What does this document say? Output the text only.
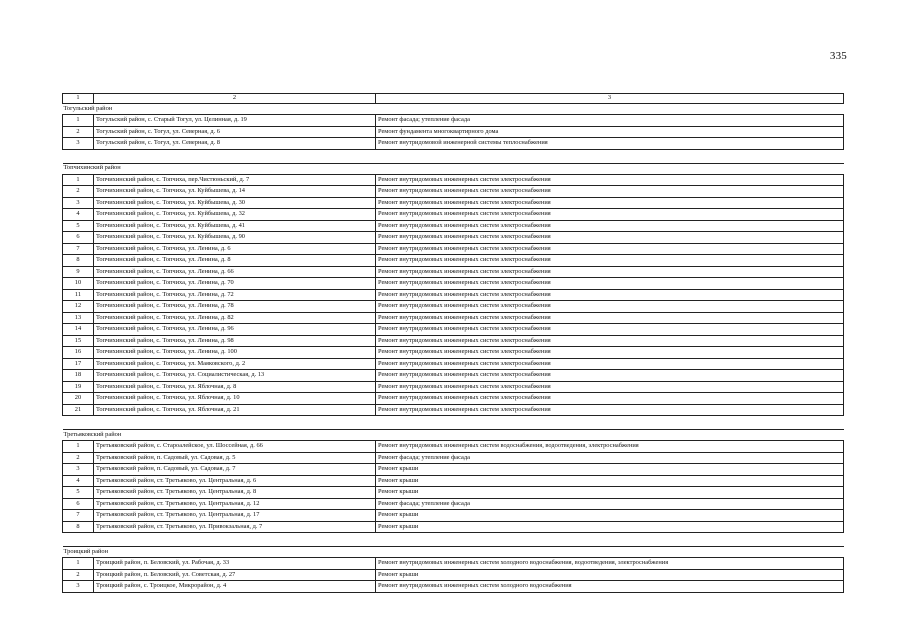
335
1	2	3
Тогульский район		
1	Тогульский район, с. Старый Тогул, ул. Целинная, д. 19	Ремонт фасада; утепление фасада
2	Тогульский район, с. Тогул, ул. Северная, д. 6	Ремонт фундамента многоквартирного дома
3	Тогульский район, с. Тогул, ул. Северная, д. 8	Ремонт внутридомовой инженерной системы теплоснабжения

Топчихинский район		
1	Топчихинский район, с. Топчиха, пер.Чистюньский, д. 7	Ремонт внутридомовых инженерных систем электроснабжения
2	Топчихинский район, с. Топчиха, ул. Куйбышева, д. 14	Ремонт внутридомовых инженерных систем электроснабжения
3	Топчихинский район, с. Топчиха, ул. Куйбышева, д. 30	Ремонт внутридомовых инженерных систем электроснабжения
4	Топчихинский район, с. Топчиха, ул. Куйбышева, д. 32	Ремонт внутридомовых инженерных систем электроснабжения
5	Топчихинский район, с. Топчиха, ул. Куйбышева, д. 41	Ремонт внутридомовых инженерных систем электроснабжения
6	Топчихинский район, с. Топчиха, ул. Куйбышева, д. 90	Ремонт внутридомовых инженерных систем электроснабжения
7	Топчихинский район, с. Топчиха, ул. Ленина, д. 6	Ремонт внутридомовых инженерных систем электроснабжения
8	Топчихинский район, с. Топчиха, ул. Ленина, д. 8	Ремонт внутридомовых инженерных систем электроснабжения
9	Топчихинский район, с. Топчиха, ул. Ленина, д. 66	Ремонт внутридомовых инженерных систем электроснабжения
10	Топчихинский район, с. Топчиха, ул. Ленина, д. 70	Ремонт внутридомовых инженерных систем электроснабжения
11	Топчихинский район, с. Топчиха, ул. Ленина, д. 72	Ремонт внутридомовых инженерных систем электроснабжения
12	Топчихинский район, с. Топчиха, ул. Ленина, д. 78	Ремонт внутридомовых инженерных систем электроснабжения
13	Топчихинский район, с. Топчиха, ул. Ленина, д. 82	Ремонт внутридомовых инженерных систем электроснабжения
14	Топчихинский район, с. Топчиха, ул. Ленина, д. 96	Ремонт внутридомовых инженерных систем электроснабжения
15	Топчихинский район, с. Топчиха, ул. Ленина, д. 98	Ремонт внутридомовых инженерных систем электроснабжения
16	Топчихинский район, с. Топчиха, ул. Ленина, д. 100	Ремонт внутридомовых инженерных систем электроснабжения
17	Топчихинский район, с. Топчиха, ул. Маяковского, д. 2	Ремонт внутридомовых инженерных систем электроснабжения
18	Топчихинский район, с. Топчиха, ул. Социалистическая, д. 13	Ремонт внутридомовых инженерных систем электроснабжения
19	Топчихинский район, с. Топчиха, ул. Яблочная, д. 8	Ремонт внутридомовых инженерных систем электроснабжения
20	Топчихинский район, с. Топчиха, ул. Яблочная, д. 10	Ремонт внутридомовых инженерных систем электроснабжения
21	Топчихинский район, с. Топчиха, ул. Яблочная, д. 21	Ремонт внутридомовых инженерных систем электроснабжения

Третьяковский район		
1	Третьяковский район, с. Староалейское, ул. Шоссейная, д. 66	Ремонт внутридомовых инженерных систем водоснабжения, водоотведения, электроснабжения
2	Третьяковский район, п. Садовый, ул. Садовая, д. 5	Ремонт фасада; утепление фасада
3	Третьяковский район, п. Садовый, ул. Садовая, д. 7	Ремонт крыши
4	Третьяковский район, ст. Третьяково, ул. Центральная, д. 6	Ремонт крыши
5	Третьяковский район, ст. Третьяково, ул. Центральная, д. 8	Ремонт крыши
6	Третьяковский район, ст. Третьяково, ул. Центральная, д. 12	Ремонт фасада; утепление фасада
7	Третьяковский район, ст. Третьяково, ул. Центральная, д. 17	Ремонт крыши
8	Третьяковский район, ст. Третьяково, ул. Привокзальная, д. 7	Ремонт крыши

Троицкий район		
1	Троицкий район, п. Беловский, ул. Рабочая, д. 33	Ремонт внутридомовых инженерных систем холодного водоснабжения, водоотведения, электроснабжения
2	Троицкий район, п. Беловский, ул. Советская, д. 27	Ремонт крыши
3	Троицкий район, с. Троицкое, Микрорайон, д. 4	Ремонт внутридомовых инженерных систем холодного водоснабжения
